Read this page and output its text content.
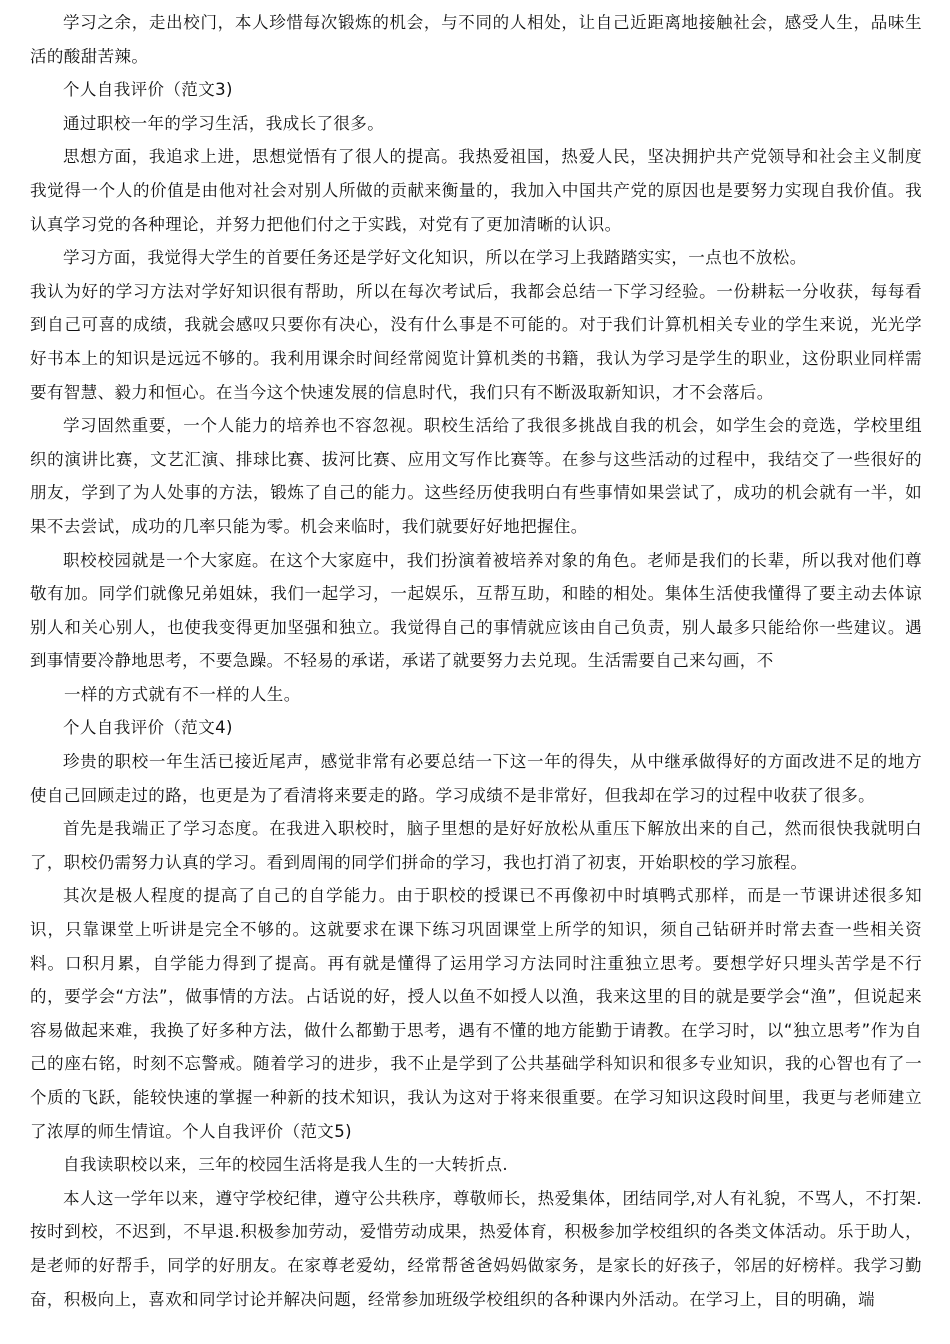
学习之余，走出校门，本人珍惜每次锻炼的机会，与不同的人相处，让自己近距离地接触社会，感受人生，品味生活的酸甜苦辣。

个人自我评价（范文3)

通过职校一年的学习生活，我成长了很多。

思想方面，我追求上进，思想觉悟有了很人的提高。我热爱祖国，热爱人民，坚决拥护共产党领导和社会主义制度我觉得一个人的价值是由他对社会对别人所做的贡献来衡量的，我加入中国共产党的原因也是要努力实现自我价值。我认真学习党的各种理论，并努力把他们付之于实践，对党有了更加清晰的认识。

学习方面，我觉得大学生的首要任务还是学好文化知识，所以在学习上我踏踏实实，一点也不放松。

我认为好的学习方法对学好知识很有帮助，所以在每次考试后，我都会总结一下学习经验。一份耕耘一分收获，每每看到自己可喜的成绩，我就会感叹只要你有决心，没有什么事是不可能的。对于我们计算机相关专业的学生来说，光光学好书本上的知识是远远不够的。我利用课余时间经常阅览计算机类的书籍，我认为学习是学生的职业，这份职业同样需要有智慧、毅力和恒心。在当今这个快速发展的信息时代，我们只有不断汲取新知识，才不会落后。

学习固然重要，一个人能力的培养也不容忽视。职校生活给了我很多挑战自我的机会，如学生会的竞选，学校里组织的演讲比赛，文艺汇演、排球比赛、拔河比赛、应用文写作比赛等。在参与这些活动的过程中，我结交了一些很好的朋友，学到了为人处事的方法，锻炼了自己的能力。这些经历使我明白有些事情如果尝试了，成功的机会就有一半，如果不去尝试，成功的几率只能为零。机会来临时，我们就要好好地把握住。

职校校园就是一个大家庭。在这个大家庭中，我们扮演着被培养对象的角色。老师是我们的长辈，所以我对他们尊敬有加。同学们就像兄弟姐妹，我们一起学习，一起娱乐，互帮互助，和睦的相处。集体生活使我懂得了要主动去体谅别人和关心别人，也使我变得更加坚强和独立。我觉得自己的事情就应该由自己负责，别人最多只能给你一些建议。遇到事情要冷静地思考，不要急躁。不轻易的承诺，承诺了就要努力去兑现。生活需要自己来勾画，不

一样的方式就有不一样的人生。

个人自我评价（范文4)

珍贵的职校一年生活已接近尾声，感觉非常有必要总结一下这一年的得失，从中继承做得好的方面改进不足的地方使自己回顾走过的路，也更是为了看清将来要走的路。学习成绩不是非常好，但我却在学习的过程中收获了很多。

首先是我端正了学习态度。在我进入职校时，脑子里想的是好好放松从重压下解放出来的自己，然而很快我就明白了，职校仍需努力认真的学习。看到周闱的同学们拼命的学习，我也打消了初衷，开始职校的学习旅程。

其次是极人程度的提高了自己的自学能力。由于职校的授课已不再像初中时填鸭式那样，而是一节课讲述很多知识，只靠课堂上听讲是完全不够的。这就要求在课下练习巩固课堂上所学的知识，须自己钻研并时常去查一些相关资料。口积月累，自学能力得到了提高。再有就是懂得了运用学习方法同时注重独立思考。要想学好只埋头苦学是不行的，要学会“方法”，做事情的方法。占话说的好，授人以鱼不如授人以渔，我来这里的目的就是要学会“渔”，但说起来容易做起来难，我换了好多种方法，做什么都勤于思考，遇有不懂的地方能勤于请教。在学习时，以“独立思考”作为自己的座右铭，时刻不忘警戒。随着学习的进步，我不止是学到了公共基础学科知识和很多专业知识，我的心智也有了一个质的飞跃，能较快速的掌握一种新的技术知识，我认为这对于将来很重要。在学习知识这段时间里，我更与老师建立了浓厚的师生情谊。个人自我评价（范文5)

自我读职校以来，三年的校园生活将是我人生的一大转折点.

本人这一学年以来，遵守学校纪律，遵守公共秩序，尊敬师长，热爱集体，团结同学,对人有礼貌，不骂人，不打架.按时到校，不迟到，不早退.积极参加劳动，爱惜劳动成果，热爱体育，积极参加学校组织的各类文体活动。乐于助人，是老师的好帮手，同学的好朋友。在家尊老爱幼，经常帮爸爸妈妈做家务，是家长的好孩子，邻居的好榜样。我学习勤奋，积极向上，喜欢和同学讨论并解决问题，经常参加班级学校组织的各种课内外活动。在学习上，目的明确，端
